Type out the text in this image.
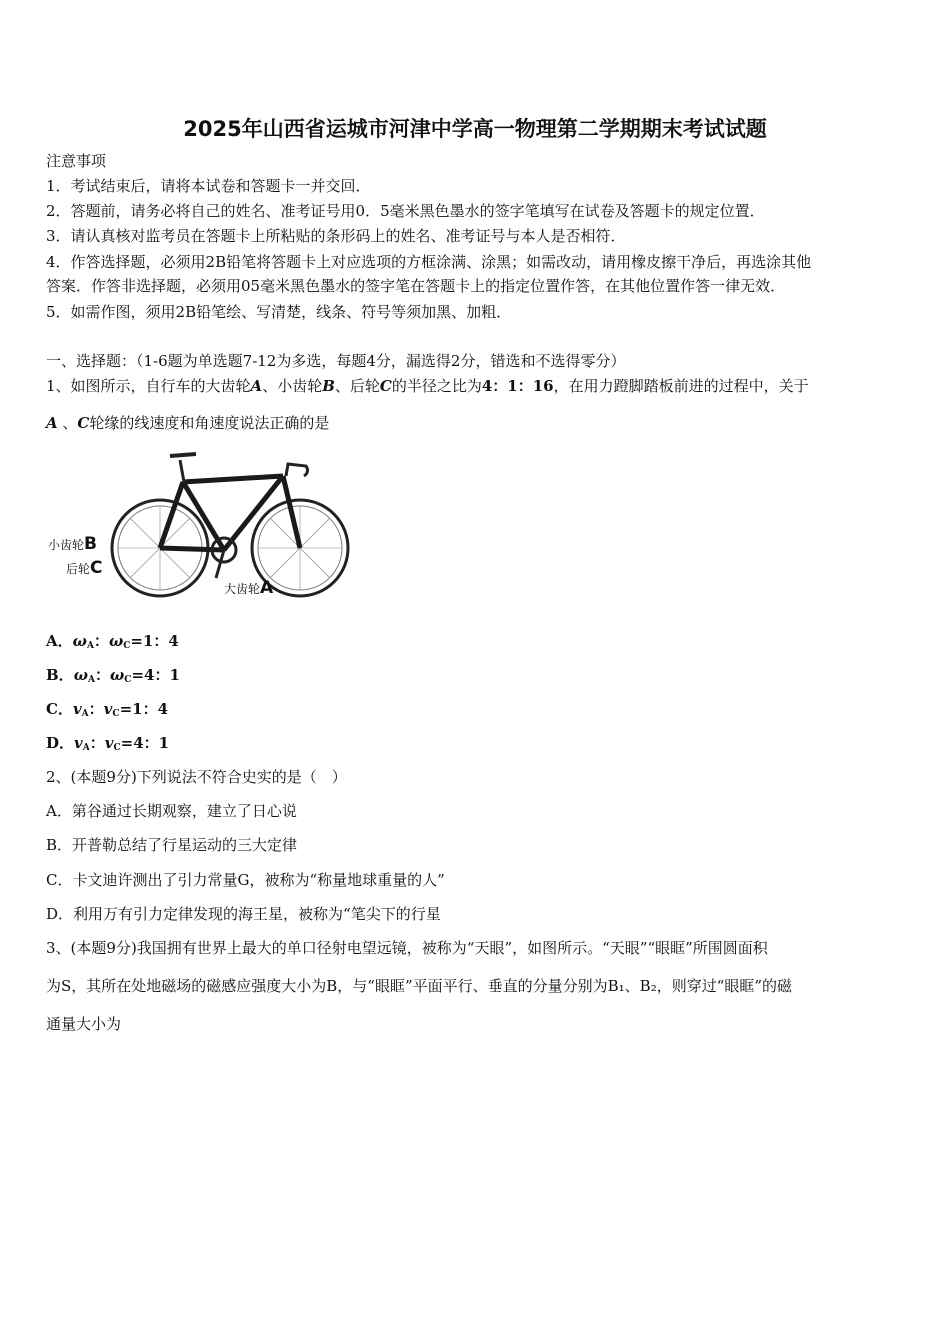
2025年山西省运城市河津中学高一物理第二学期期末考试试题
注意事项
1．考试结束后，请将本试卷和答题卡一并交回．
2．答题前，请务必将自己的姓名、准考证号用0．5毫米黑色墨水的签字笔填写在试卷及答题卡的规定位置．
3．请认真核对监考员在答题卡上所粘贴的条形码上的姓名、准考证号与本人是否相符．
4．作答选择题，必须用2B铅笔将答题卡上对应选项的方框涂满、涂黑；如需改动，请用橡皮擦干净后，再选涂其他
答案．作答非选择题，必须用05毫米黑色墨水的签字笔在答题卡上的指定位置作答，在其他位置作答一律无效．
5．如需作图，须用2B铅笔绘、写清楚，线条、符号等须加黑、加粗．
一、选择题：（1-6题为单选题7-12为多选，每题4分，漏选得2分，错选和不选得零分）
1、如图所示，自行车的大齿轮A、小齿轮B、后轮C的半径之比为4：1：16，在用力蹬脚踏板前进的过程中，关于
A 、C轮缘的线速度和角速度说法正确的是
小齿轮B
后轮C
大齿轮A
A．$\omega_A$：$\omega_C=1$：4
B．$\omega_A$：$\omega_C=4$：1
C．$v_A$：$v_C=1$：4
D．$v_A$：$v_C=4$：1
2、(本题9分)下列说法不符合史实的是（　）
A．第谷通过长期观察，建立了日心说
B．开普勒总结了行星运动的三大定律
C．卡文迪许测出了引力常量G，被称为“称量地球重量的人”
D．利用万有引力定律发现的海王星，被称为“笔尖下的行星
3、(本题9分)我国拥有世界上最大的单口径射电望远镜，被称为“天眼”，如图所示。“天眼”“眼眶”所围圆面积
为S，其所在处地磁场的磁感应强度大小为B，与“眼眶”平面平行、垂直的分量分别为B₁、B₂，则穿过“眼眶”的磁
通量大小为
